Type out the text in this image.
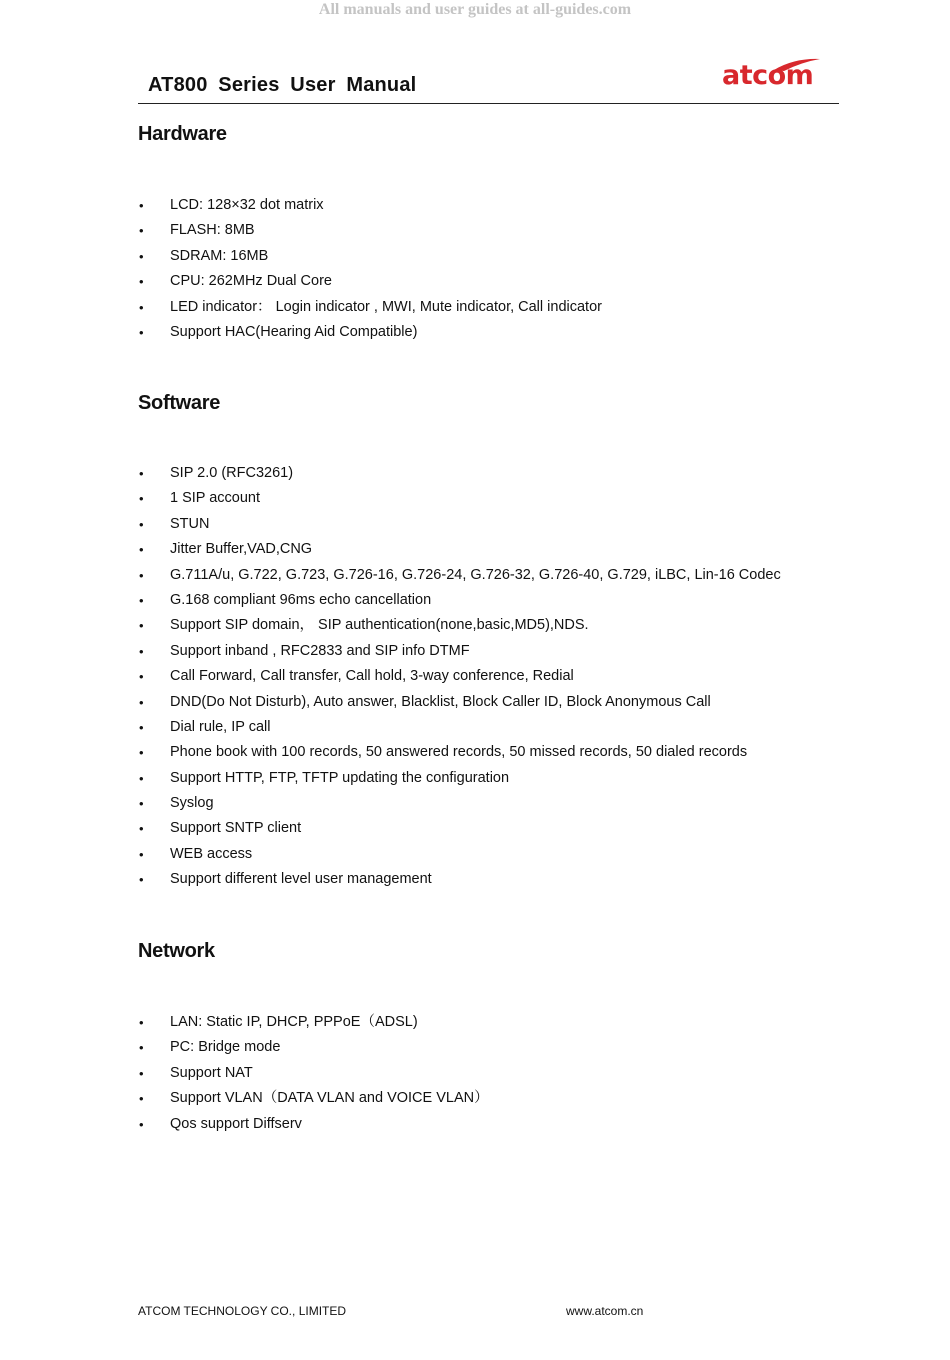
All manuals and user guides at all-guides.com
AT800 Series User Manual	atcom
Hardware
• LCD: 128×32 dot matrix
• FLASH: 8MB
• SDRAM: 16MB
• CPU: 262MHz Dual Core
• LED indicator： Login indicator , MWI, Mute indicator, Call indicator
• Support HAC(Hearing Aid Compatible)
Software
• SIP 2.0 (RFC3261)
• 1 SIP account
• STUN
• Jitter Buffer,VAD,CNG
• G.711A/u, G.722, G.723, G.726-16, G.726-24, G.726-32, G.726-40, G.729, iLBC, Lin-16 Codec
• G.168 compliant 96ms echo cancellation
• Support SIP domain， SIP authentication(none,basic,MD5),NDS.
• Support inband , RFC2833 and SIP info DTMF
• Call Forward, Call transfer, Call hold, 3-way conference, Redial
• DND(Do Not Disturb), Auto answer, Blacklist, Block Caller ID, Block Anonymous Call
• Dial rule, IP call
• Phone book with 100 records, 50 answered records, 50 missed records, 50 dialed records
• Support HTTP, FTP, TFTP updating the configuration
• Syslog
• Support SNTP client
• WEB access
• Support different level user management
Network
• LAN: Static IP, DHCP, PPPoE（ADSL)
• PC: Bridge mode
• Support NAT
• Support VLAN（DATA VLAN and VOICE VLAN）
• Qos support Diffserv
ATCOM TECHNOLOGY CO., LIMITED	www.atcom.cn
